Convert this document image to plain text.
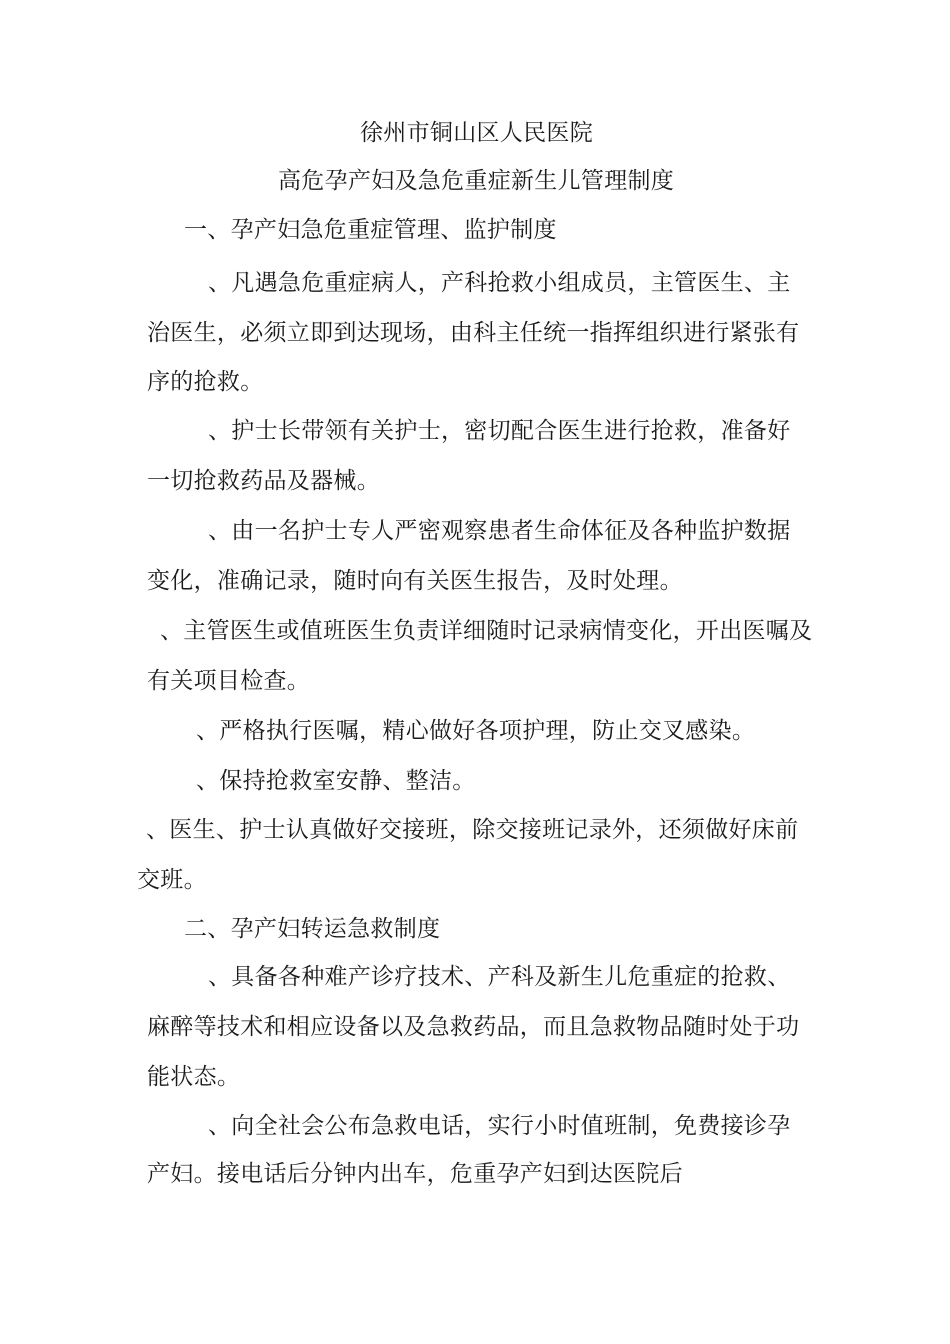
徐州市铜山区人民医院
高危孕产妇及急危重症新生儿管理制度
一、孕产妇急危重症管理、监护制度
、凡遇急危重症病人，产科抢救小组成员，主管医生、主
治医生，必须立即到达现场，由科主任统一指挥组织进行紧张有
序的抢救。
、护士长带领有关护士，密切配合医生进行抢救，准备好
一切抢救药品及器械。
、由一名护士专人严密观察患者生命体征及各种监护数据
变化，准确记录，随时向有关医生报告，及时处理。
、主管医生或值班医生负责详细随时记录病情变化，开出医嘱及
有关项目检查。
、严格执行医嘱，精心做好各项护理，防止交叉感染。
、保持抢救室安静、整洁。
、医生、护士认真做好交接班，除交接班记录外，还须做好床前
交班。
二、孕产妇转运急救制度
、具备各种难产诊疗技术、产科及新生儿危重症的抢救、
麻醉等技术和相应设备以及急救药品，而且急救物品随时处于功
能状态。
、向全社会公布急救电话，实行小时值班制，免费接诊孕
产妇。接电话后分钟内出车，危重孕产妇到达医院后
